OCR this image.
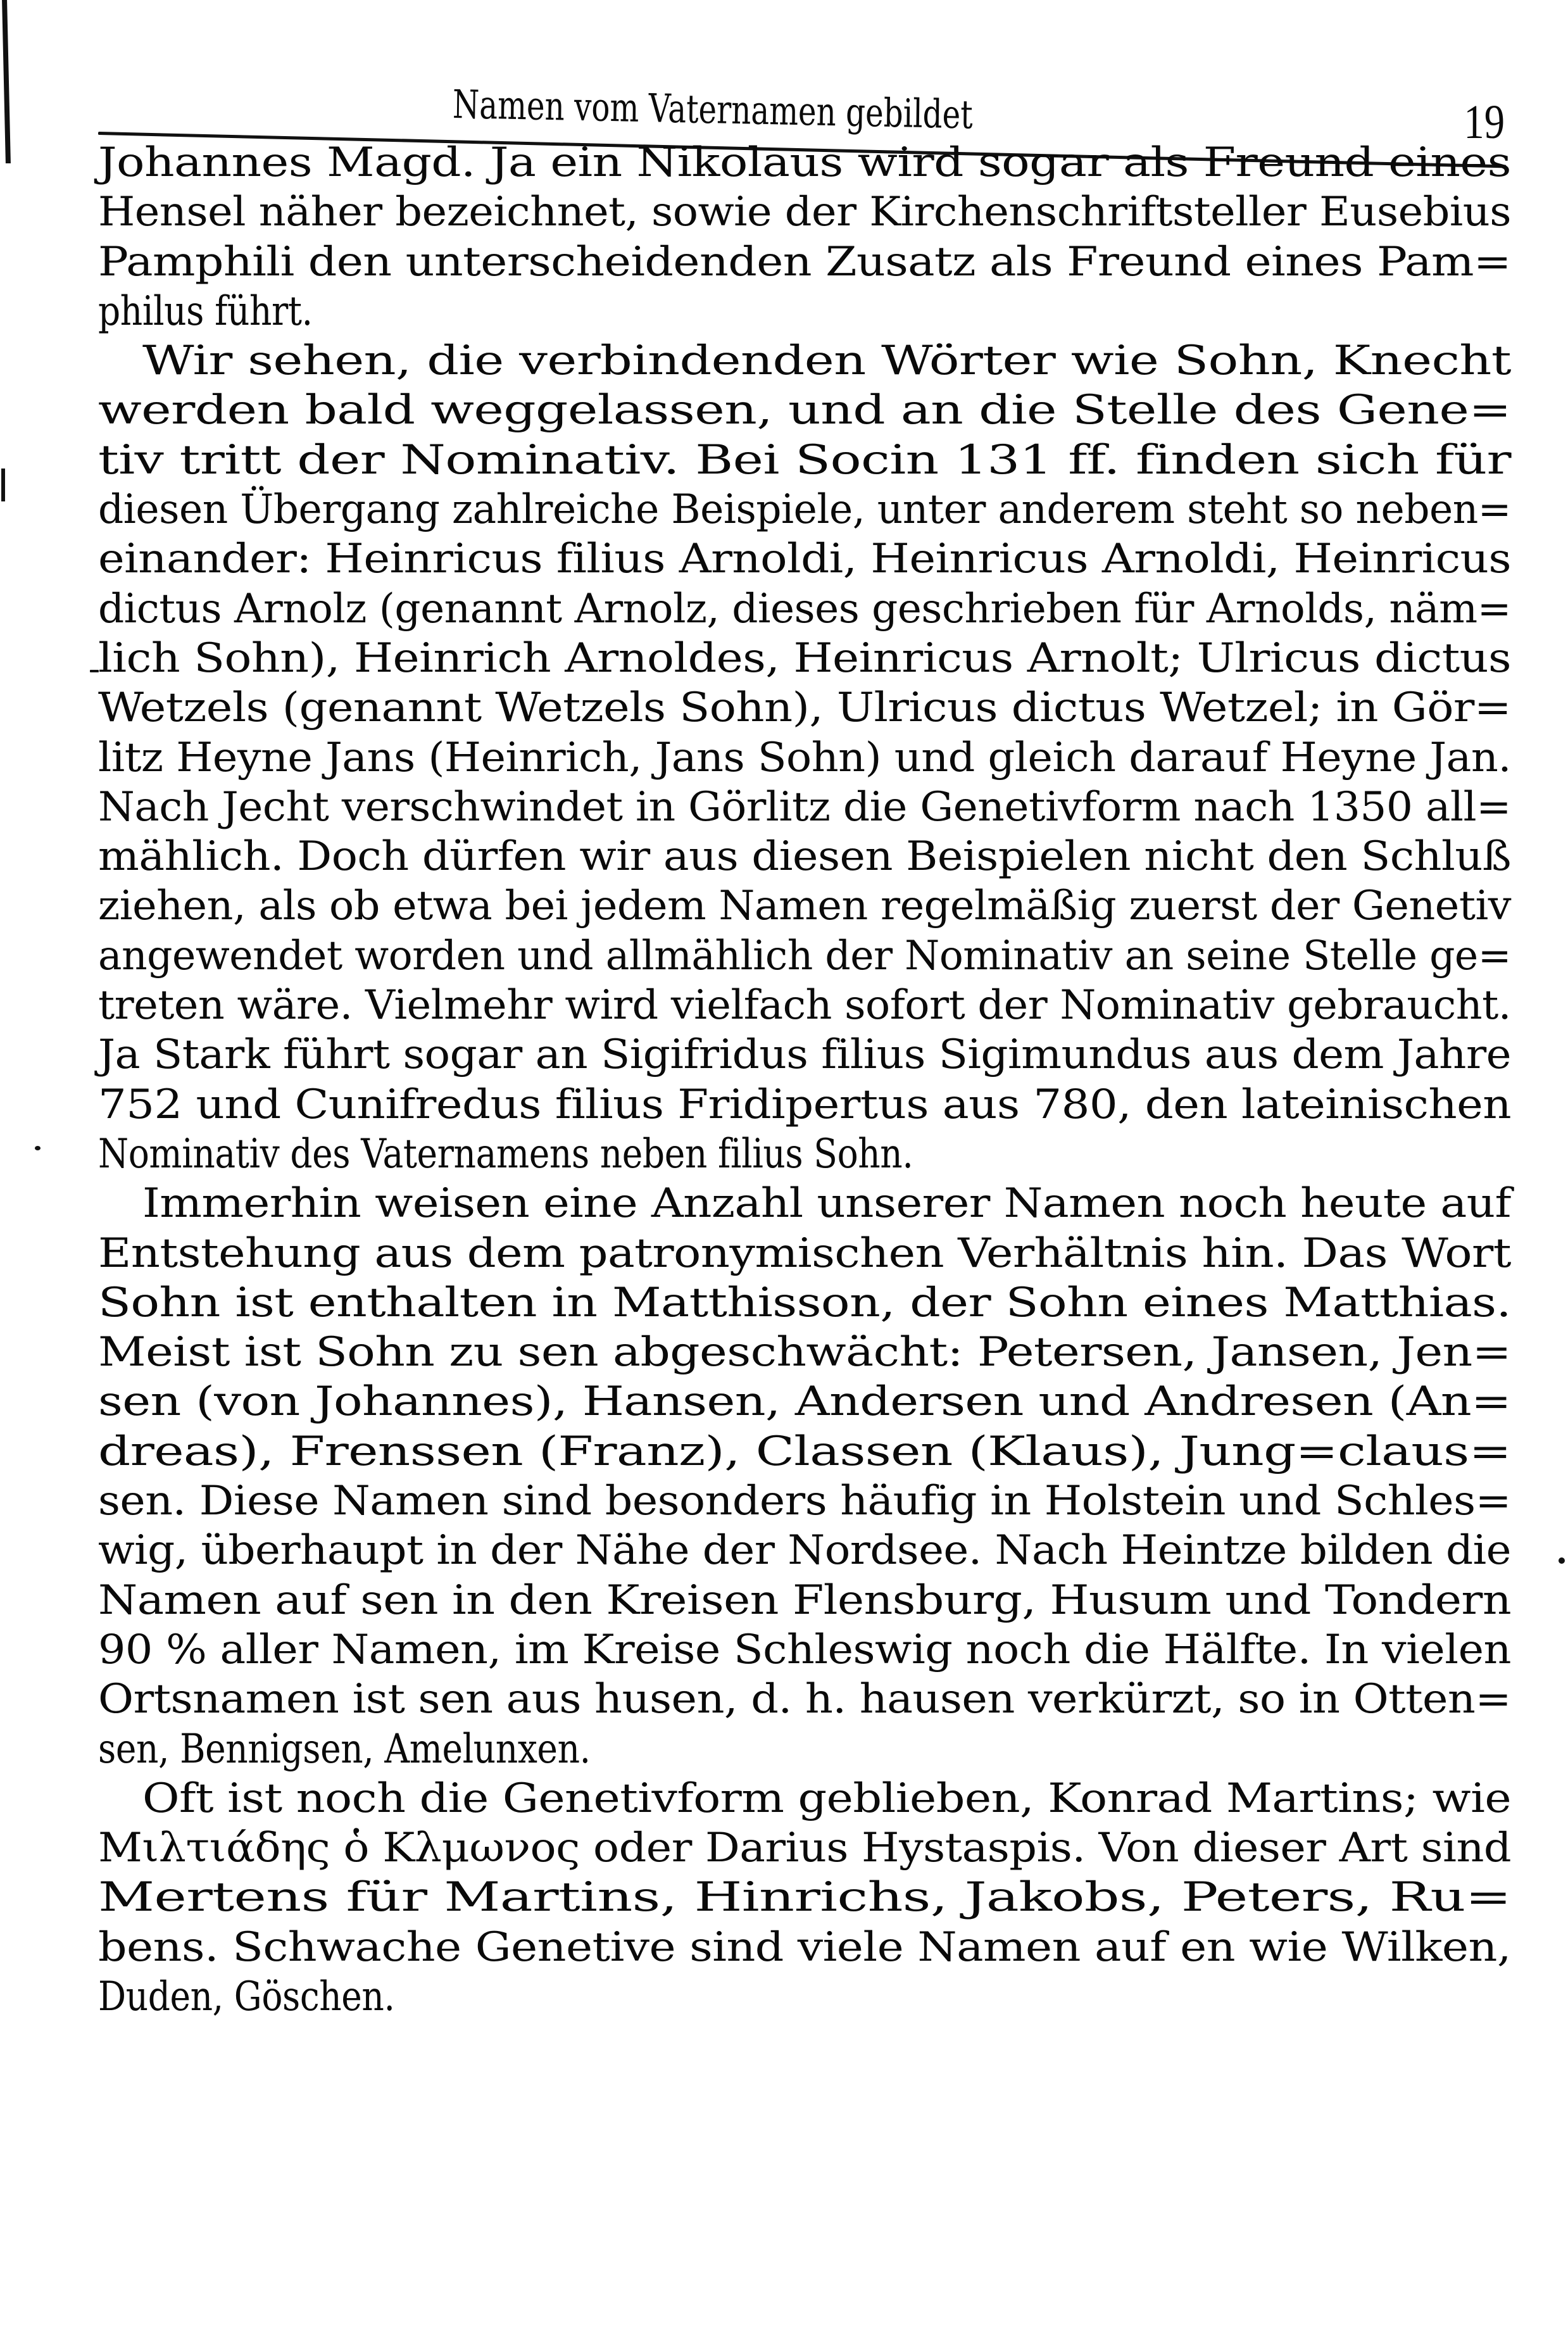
Namen vom Vaternamen gebildet	19
Johannes Magd. Ja ein Nikolaus wird sogar als Freund eines
Hensel näher bezeichnet, sowie der Kirchenschriftsteller Eusebius
Pamphili den unterscheidenden Zusatz als Freund eines Pam=
philus führt.
Wir sehen, die verbindenden Wörter wie Sohn, Knecht
werden bald weggelassen, und an die Stelle des Gene=
tiv tritt der Nominativ. Bei Socin 131 ff. finden sich für
diesen Übergang zahlreiche Beispiele, unter anderem steht so neben=
einander: Heinricus filius Arnoldi, Heinricus Arnoldi, Heinricus
dictus Arnolz (genannt Arnolz, dieses geschrieben für Arnolds, näm=
lich Sohn), Heinrich Arnoldes, Heinricus Arnolt; Ulricus dictus
Wetzels (genannt Wetzels Sohn), Ulricus dictus Wetzel; in Gör=
litz Heyne Jans (Heinrich, Jans Sohn) und gleich darauf Heyne Jan.
Nach Jecht verschwindet in Görlitz die Genetivform nach 1350 all=
mählich. Doch dürfen wir aus diesen Beispielen nicht den Schluß
ziehen, als ob etwa bei jedem Namen regelmäßig zuerst der Genetiv
angewendet worden und allmählich der Nominativ an seine Stelle ge=
treten wäre. Vielmehr wird vielfach sofort der Nominativ gebraucht.
Ja Stark führt sogar an Sigifridus filius Sigimundus aus dem Jahre
752 und Cunifredus filius Fridipertus aus 780, den lateinischen
Nominativ des Vaternamens neben filius Sohn.
Immerhin weisen eine Anzahl unserer Namen noch heute auf
Entstehung aus dem patronymischen Verhältnis hin. Das Wort
Sohn ist enthalten in Matthisson, der Sohn eines Matthias.
Meist ist Sohn zu sen abgeschwächt: Petersen, Jansen, Jen=
sen (von Johannes), Hansen, Andersen und Andresen (An=
dreas), Frenssen (Franz), Classen (Klaus), Jung=claus=
sen. Diese Namen sind besonders häufig in Holstein und Schles=
wig, überhaupt in der Nähe der Nordsee. Nach Heintze bilden die
Namen auf sen in den Kreisen Flensburg, Husum und Tondern
90 % aller Namen, im Kreise Schleswig noch die Hälfte. In vielen
Ortsnamen ist sen aus husen, d. h. hausen verkürzt, so in Otten=
sen, Bennigsen, Amelunxen.
Oft ist noch die Genetivform geblieben, Konrad Martins; wie
Μιλτιάδης ὁ Κλμωνος oder Darius Hystaspis. Von dieser Art sind
Mertens für Martins, Hinrichs, Jakobs, Peters, Ru=
bens. Schwache Genetive sind viele Namen auf en wie Wilken,
Duden, Göschen.
